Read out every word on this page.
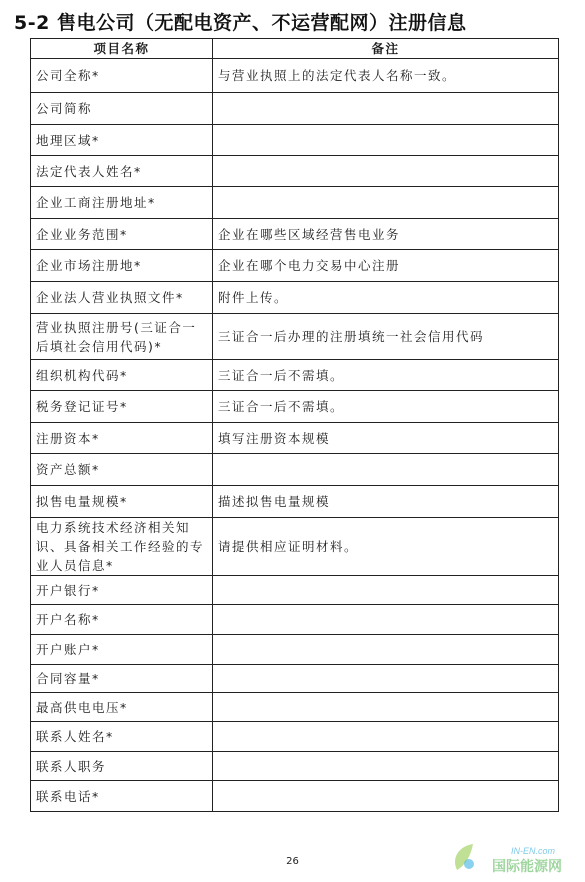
5-2 售电公司（无配电资产、不运营配网）注册信息
项目名称	备注
公司全称*	与营业执照上的法定代表人名称一致。
公司简称	
地理区域*	
法定代表人姓名*	
企业工商注册地址*	
企业业务范围*	企业在哪些区域经营售电业务
企业市场注册地*	企业在哪个电力交易中心注册
企业法人营业执照文件*	附件上传。
营业执照注册号(三证合一后填社会信用代码)*	三证合一后办理的注册填统一社会信用代码
组织机构代码*	三证合一后不需填。
税务登记证号*	三证合一后不需填。
注册资本*	填写注册资本规模
资产总额*	
拟售电量规模*	描述拟售电量规模
电力系统技术经济相关知识、具备相关工作经验的专业人员信息*	请提供相应证明材料。
开户银行*	
开户名称*	
开户账户*	
合同容量*	
最高供电电压*	
联系人姓名*	
联系人职务	
联系电话*	
26
IN-EN.com
国际能源网
